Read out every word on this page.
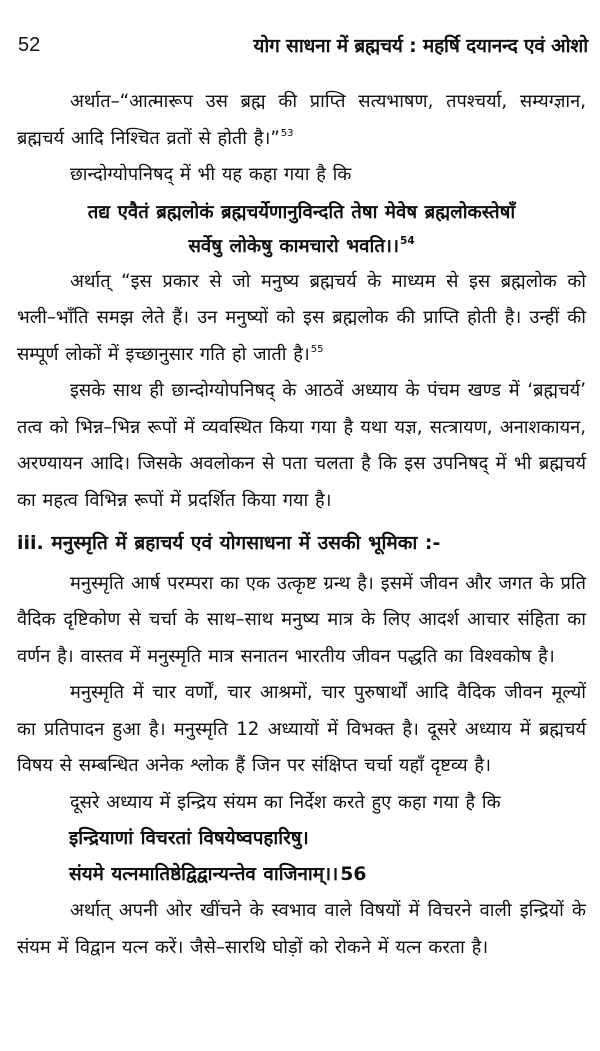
52	योग साधना में ब्रह्मचर्य : महर्षि दयानन्द एवं ओशो

अर्थात–“आत्मारूप उस ब्रह्म की प्राप्ति सत्यभाषण, तपश्चर्या, सम्यग्ज्ञान, ब्रह्मचर्य आदि निश्चित व्रतों से होती है।”$^{53}$

छान्दोग्योपनिषद् में भी यह कहा गया है कि

तद्य एवैतं ब्रह्मलोकं ब्रह्मचर्येणानुविन्दति तेषा मेवेष ब्रह्मलोकस्तेषाँ
सर्वेषु लोकेषु कामचारो भवति।।$^{54}$

अर्थात् “इस प्रकार से जो मनुष्य ब्रह्मचर्य के माध्यम से इस ब्रह्मलोक को भली–भाँति समझ लेते हैं। उन मनुष्यों को इस ब्रह्मलोक की प्राप्ति होती है। उन्हीं की सम्पूर्ण लोकों में इच्छानुसार गति हो जाती है।$^{55}$

इसके साथ ही छान्दोग्योपनिषद् के आठवें अध्याय के पंचम खण्ड में ‘ब्रह्मचर्य’ तत्व को भिन्न–भिन्न रूपों में व्यवस्थित किया गया है यथा यज्ञ, सत्त्रायण, अनाशकायन, अरण्यायन आदि। जिसके अवलोकन से पता चलता है कि इस उपनिषद् में भी ब्रह्मचर्य का महत्व विभिन्न रूपों में प्रदर्शित किया गया है।

iii. मनुस्मृति में ब्रहाचर्य एवं योगसाधना में उसकी भूमिका :-

मनुस्मृति आर्ष परम्परा का एक उत्कृष्ट ग्रन्थ है। इसमें जीवन और जगत के प्रति वैदिक दृष्टिकोण से चर्चा के साथ–साथ मनुष्य मात्र के लिए आदर्श आचार संहिता का वर्णन है। वास्तव में मनुस्मृति मात्र सनातन भारतीय जीवन पद्धति का विश्वकोष है।

मनुस्मृति में चार वर्णों, चार आश्रमों, चार पुरुषार्थों आदि वैदिक जीवन मूल्यों का प्रतिपादन हुआ है। मनुस्मृति 12 अध्यायों में विभक्त है। दूसरे अध्याय में ब्रह्मचर्य विषय से सम्बन्धित अनेक श्लोक हैं जिन पर संक्षिप्त चर्चा यहाँ दृष्टव्य है।

दूसरे अध्याय में इन्द्रिय संयम का निर्देश करते हुए कहा गया है कि

इन्द्रियाणां विचरतां विषयेष्वपहारिषु।

संयमे यत्नमातिष्ठेद्विद्वान्यन्तेव वाजिनाम्।। 56

अर्थात् अपनी ओर खींचने के स्वभाव वाले विषयों में विचरने वाली इन्द्रियों के संयम में विद्वान यत्न करें। जैसे–सारथि घोड़ों को रोकने में यत्न करता है।
